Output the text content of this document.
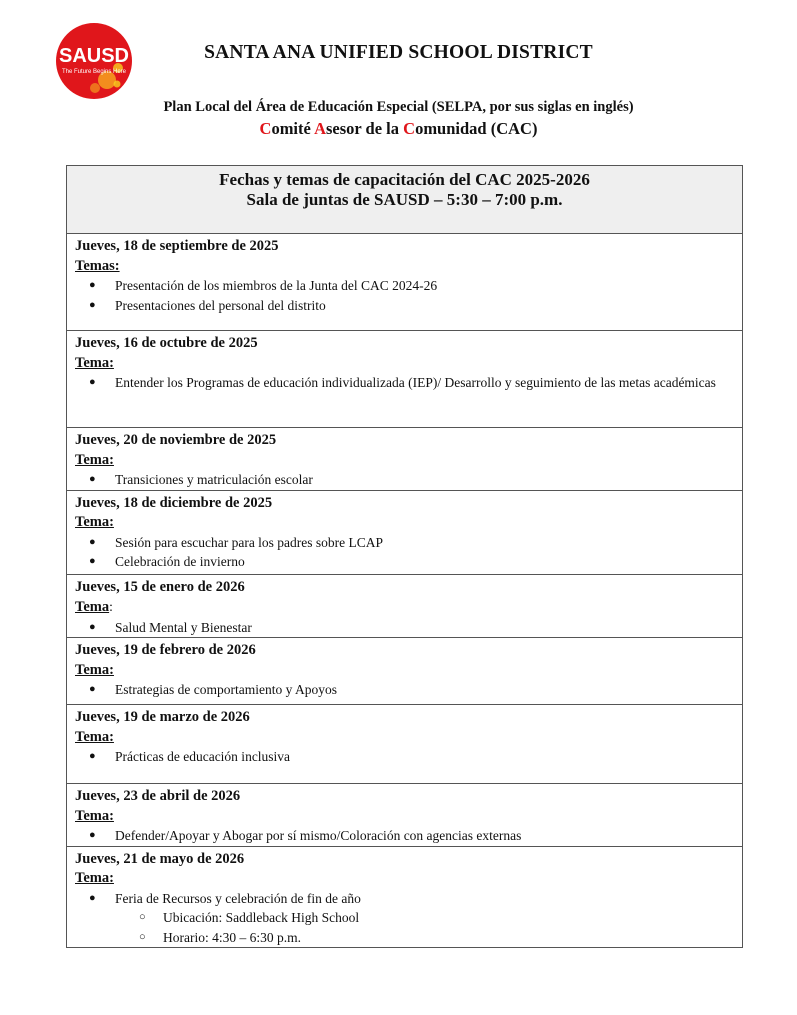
SAUSD
The Future Begins Here
SANTA ANA UNIFIED SCHOOL DISTRICT
Plan Local del Área de Educación Especial (SELPA, por sus siglas en inglés)
Comité Asesor de la Comunidad (CAC)
Fechas y temas de capacitación del CAC 2025-2026
Sala de juntas de SAUSD – 5:30 – 7:00 p.m.

Jueves, 18 de septiembre de 2025
Temas:
● Presentación de los miembros de la Junta del CAC 2024-26
● Presentaciones del personal del distrito

Jueves, 16 de octubre de 2025
Tema:
● Entender los Programas de educación individualizada (IEP)/ Desarrollo y seguimiento de las metas académicas

Jueves, 20 de noviembre de 2025
Tema:
● Transiciones y matriculación escolar

Jueves, 18 de diciembre de 2025
Tema:
● Sesión para escuchar para los padres sobre LCAP
● Celebración de invierno

Jueves, 15 de enero de 2026
Tema:
● Salud Mental y Bienestar

Jueves, 19 de febrero de 2026
Tema:
● Estrategias de comportamiento y Apoyos

Jueves, 19 de marzo de 2026
Tema:
● Prácticas de educación inclusiva

Jueves, 23 de abril de 2026
Tema:
● Defender/Apoyar y Abogar por sí mismo/Coloración con agencias externas

Jueves, 21 de mayo de 2026
Tema:
● Feria de Recursos y celebración de fin de año
○ Ubicación: Saddleback High School
○ Horario: 4:30 – 6:30 p.m.
